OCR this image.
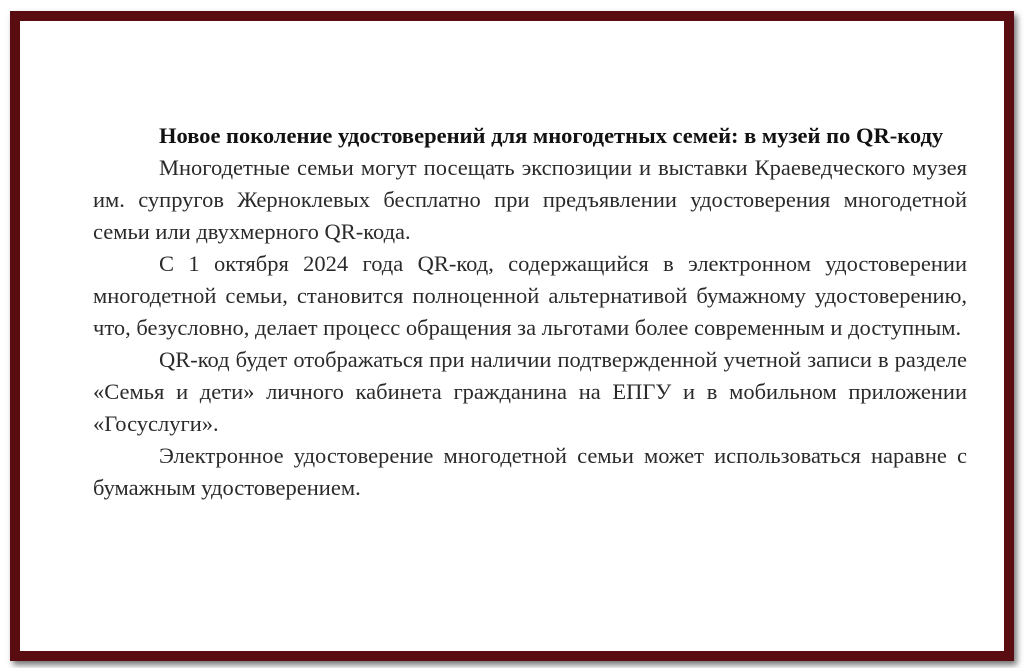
Новое поколение удостоверений для многодетных семей: в музей по QR-коду

Многодетные семьи могут посещать экспозиции и выставки Краеведческого музея им. супругов Жерноклевых бесплатно при предъявлении удостоверения многодетной семьи или двухмерного QR-кода.

С 1 октября 2024 года QR-код, содержащийся в электронном удостоверении многодетной семьи, становится полноценной альтернативой бумажному удостоверению, что, безусловно, делает процесс обращения за льготами более современным и доступным.

QR-код будет отображаться при наличии подтвержденной учетной записи в разделе «Семья и дети» личного кабинета гражданина на ЕПГУ и в мобильном приложении «Госуслуги».

Электронное удостоверение многодетной семьи может использоваться наравне с бумажным удостоверением.
